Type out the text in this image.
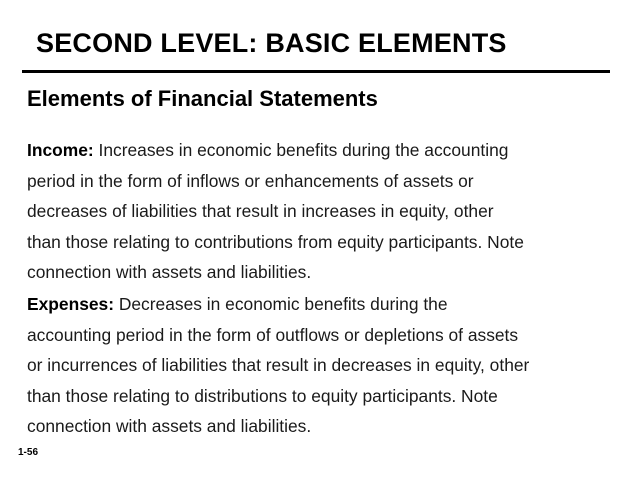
SECOND LEVEL: BASIC ELEMENTS
Elements of Financial Statements
Income: Increases in economic benefits during the accounting
period in the form of inflows or enhancements of assets or
decreases of liabilities that result in increases in equity, other
than those relating to contributions from equity participants. Note
connection with assets and liabilities.
Expenses: Decreases in economic benefits during the
accounting period in the form of outflows or depletions of assets
or incurrences of liabilities that result in decreases in equity, other
than those relating to distributions to equity participants. Note
connection with assets and liabilities.
1-56
